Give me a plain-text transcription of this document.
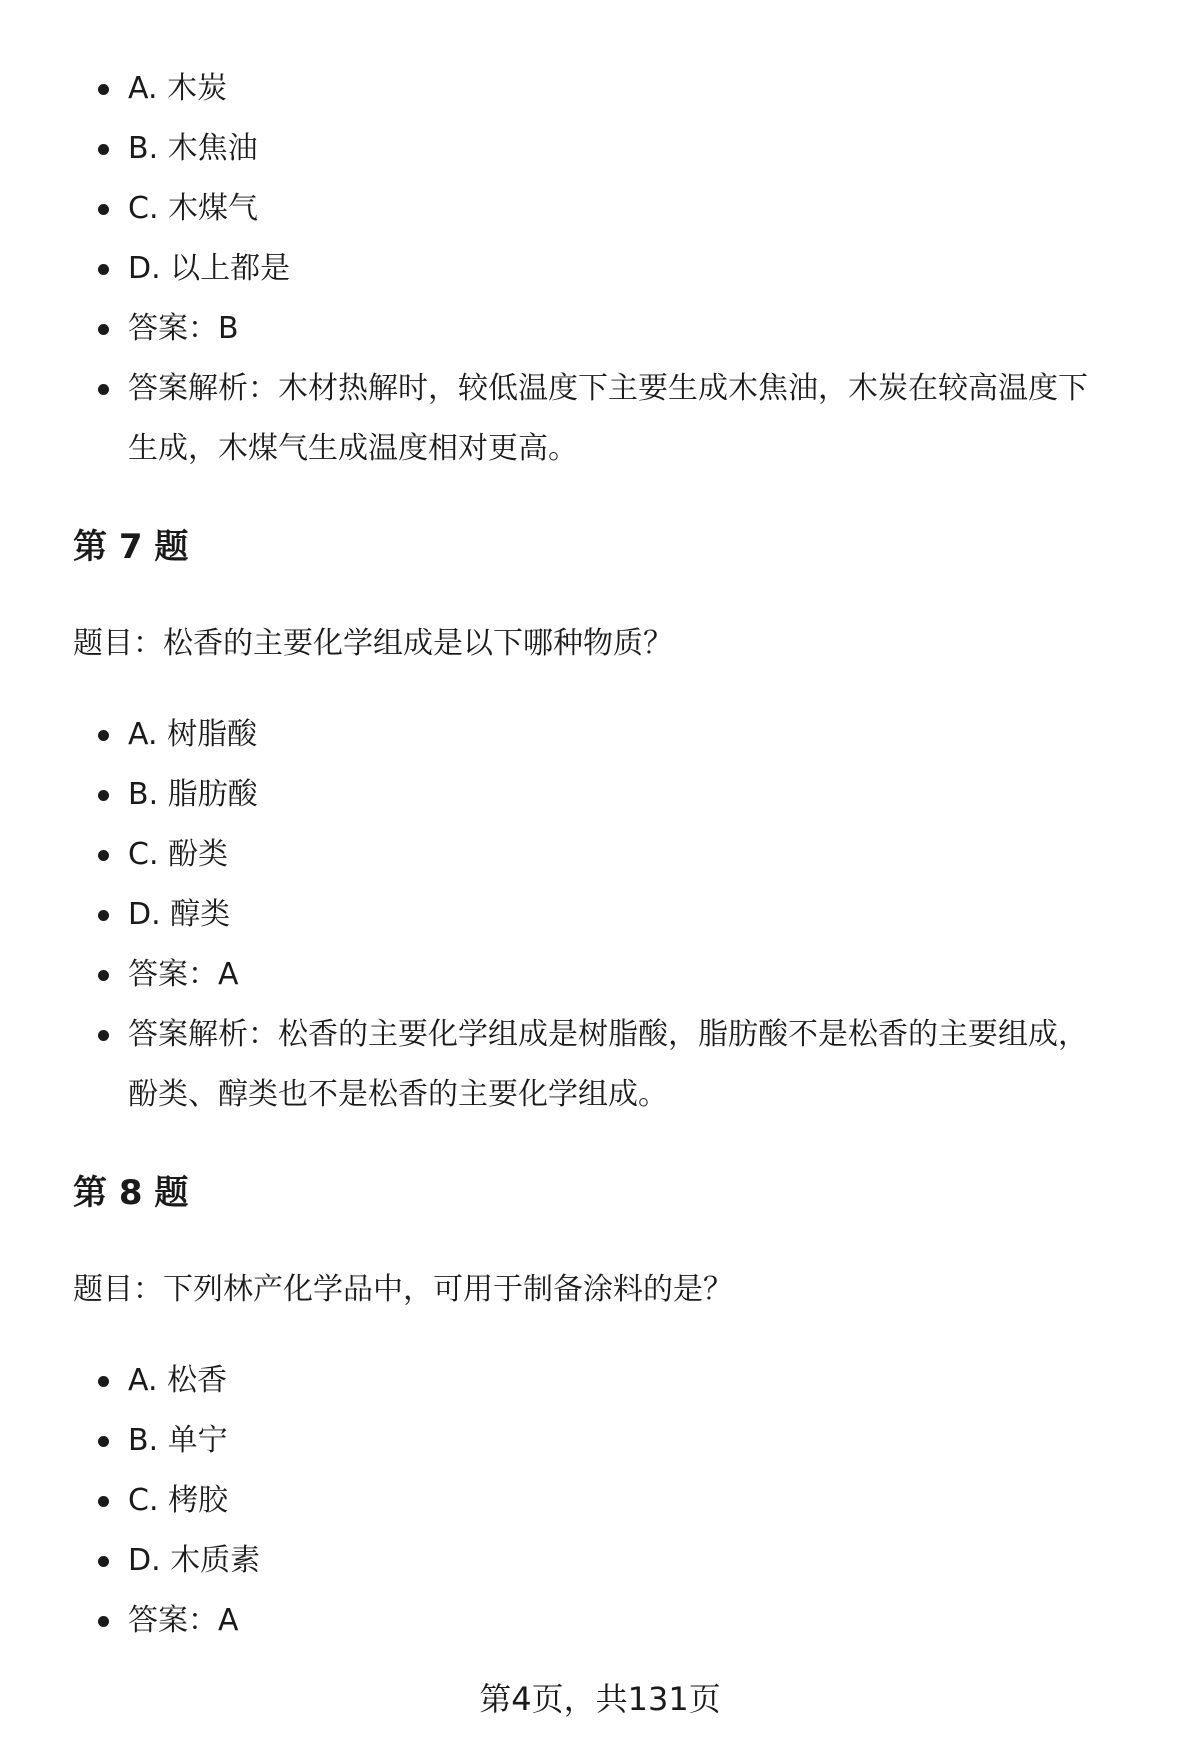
A. 木炭
B. 木焦油
C. 木煤气
D. 以上都是
答案：B
答案解析：木材热解时，较低温度下主要生成木焦油，木炭在较高温度下生成，木煤气生成温度相对更高。
第 7 题

题目：松香的主要化学组成是以下哪种物质？

A. 树脂酸
B. 脂肪酸
C. 酚类
D. 醇类
答案：A
答案解析：松香的主要化学组成是树脂酸，脂肪酸不是松香的主要组成，酚类、醇类也不是松香的主要化学组成。
第 8 题

题目：下列林产化学品中，可用于制备涂料的是？

A. 松香
B. 单宁
C. 栲胶
D. 木质素
答案：A
第4页，共131页
